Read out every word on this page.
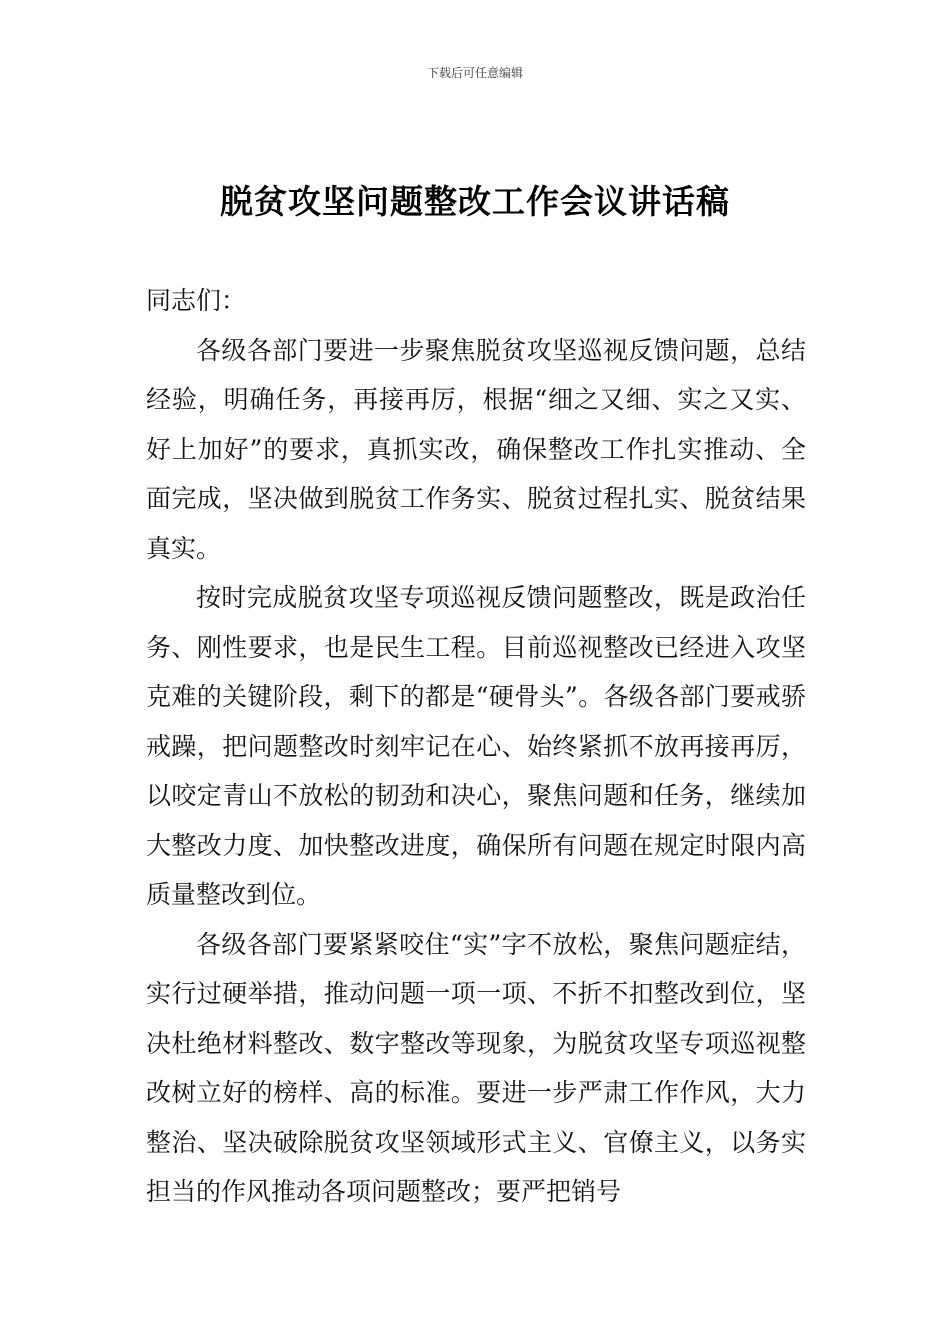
下载后可任意编辑
脱贫攻坚问题整改工作会议讲话稿

同志们：

各级各部门要进一步聚焦脱贫攻坚巡视反馈问题，总结经验，明确任务，再接再厉，根据“细之又细、实之又实、好上加好”的要求，真抓实改，确保整改工作扎实推动、全面完成，坚决做到脱贫工作务实、脱贫过程扎实、脱贫结果真实。

按时完成脱贫攻坚专项巡视反馈问题整改，既是政治任务、刚性要求，也是民生工程。目前巡视整改已经进入攻坚克难的关键阶段，剩下的都是“硬骨头”。各级各部门要戒骄戒躁，把问题整改时刻牢记在心、始终紧抓不放再接再厉，以咬定青山不放松的韧劲和决心，聚焦问题和任务，继续加大整改力度、加快整改进度，确保所有问题在规定时限内高质量整改到位。

各级各部门要紧紧咬住“实”字不放松，聚焦问题症结，实行过硬举措，推动问题一项一项、不折不扣整改到位，坚决杜绝材料整改、数字整改等现象，为脱贫攻坚专项巡视整改树立好的榜样、高的标准。要进一步严肃工作作风，大力整治、坚决破除脱贫攻坚领域形式主义、官僚主义，以务实担当的作风推动各项问题整改；要严把销号
